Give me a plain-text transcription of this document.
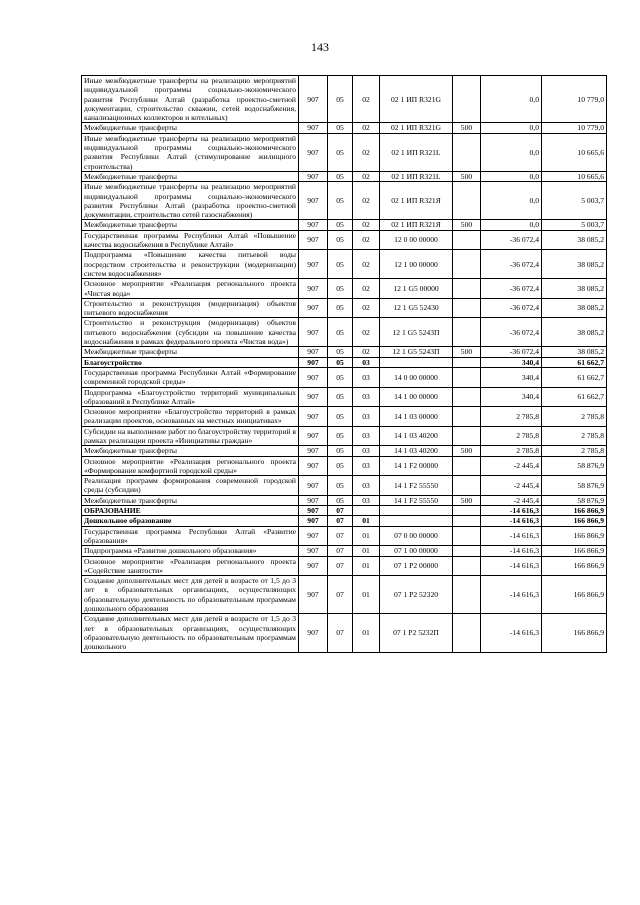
143
Иные межбюджетные трансферты на реализацию мероприятий индивидуальной программы социально-экономического развития Республики Алтай (разработка проектно-сметной документации, строительство скважин, сетей водоснабжения, канализационных коллекторов и котельных)	907	05	02	02 1 ИП R321G		0,0	10 779,0
Межбюджетные трансферты	907	05	02	02 1 ИП R321G	500	0,0	10 779,0
Иные межбюджетные трансферты на реализацию мероприятий индивидуальной программы социально-экономического развития Республики Алтай (стимулирование жилищного строительства)	907	05	02	02 1 ИП R321L		0,0	10 665,6
Межбюджетные трансферты	907	05	02	02 1 ИП R321L	500	0,0	10 665,6
Иные межбюджетные трансферты на реализацию мероприятий индивидуальной программы социально-экономического развития Республики Алтай (разработка проектно-сметной документации, строительство сетей газоснабжения)	907	05	02	02 1 ИП R321Я		0,0	5 003,7
Межбюджетные трансферты	907	05	02	02 1 ИП R321Я	500	0,0	5 003,7
Государственная программа Республики Алтай «Повышение качества водоснабжения в Республике Алтай»	907	05	02	12 0 00 00000		-36 072,4	38 085,2
Подпрограмма «Повышение качества питьевой воды посредством строительства и реконструкции (модернизации) систем водоснабжения»	907	05	02	12 1 00 00000		-36 072,4	38 085,2
Основное мероприятие «Реализация регионального проекта «Чистая вода»	907	05	02	12 1 G5 00000		-36 072,4	38 085,2
Строительство и реконструкция (модернизация) объектов питьевого водоснабжения	907	05	02	12 1 G5 52430		-36 072,4	38 085,2
Строительство и реконструкция (модернизация) объектов питьевого водоснабжения (субсидии на повышение качества водоснабжения в рамках федерального проекта «Чистая вода»)	907	05	02	12 1 G5 5243П		-36 072,4	38 085,2
Межбюджетные трансферты	907	05	02	12 1 G5 5243П	500	-36 072,4	38 085,2
Благоустройство	907	05	03			340,4	61 662,7
Государственная программа Республики Алтай «Формирование современной городской среды»	907	05	03	14 0 00 00000		340,4	61 662,7
Подпрограмма «Благоустройство территорий муниципальных образований в Республике Алтай»	907	05	03	14 1 00 00000		340,4	61 662,7
Основное мероприятие «Благоустройство территорий в рамках реализации проектов, основанных на местных инициативах»	907	05	03	14 1 03 00000		2 785,8	2 785,8
Субсидии на выполнение работ по благоустройству территорий в рамках реализации проекта «Инициативы граждан»	907	05	03	14 1 03 40200		2 785,8	2 785,8
Межбюджетные трансферты	907	05	03	14 1 03 40200	500	2 785,8	2 785,8
Основное мероприятие «Реализация регионального проекта «Формирование комфортной городской среды»	907	05	03	14 1 F2 00000		-2 445,4	58 876,9
Реализация программ формирования современной городской среды (субсидии)	907	05	03	14 1 F2 55550		-2 445,4	58 876,9
Межбюджетные трансферты	907	05	03	14 1 F2 55550	500	-2 445,4	58 876,9
ОБРАЗОВАНИЕ	907	07				-14 616,3	166 866,9
Дошкольное образование	907	07	01			-14 616,3	166 866,9
Государственная программа Республики Алтай «Развитие образования»	907	07	01	07 0 00 00000		-14 616,3	166 866,9
Подпрограмма «Развитие дошкольного образования»	907	07	01	07 1 00 00000		-14 616,3	166 866,9
Основное мероприятие «Реализация регионального проекта «Содействие занятости»	907	07	01	07 1 P2 00000		-14 616,3	166 866,9
Создание дополнительных мест для детей в возрасте от 1,5 до 3 лет в образовательных организациях, осуществляющих образовательную деятельность по образовательным программам дошкольного образования	907	07	01	07 1 P2 52320		-14 616,3	166 866,9
Создание дополнительных мест для детей в возрасте от 1,5 до 3 лет в образовательных организациях, осуществляющих образовательную деятельность по образовательным программам дошкольного	907	07	01	07 1 P2 5232П		-14 616,3	166 866,9
